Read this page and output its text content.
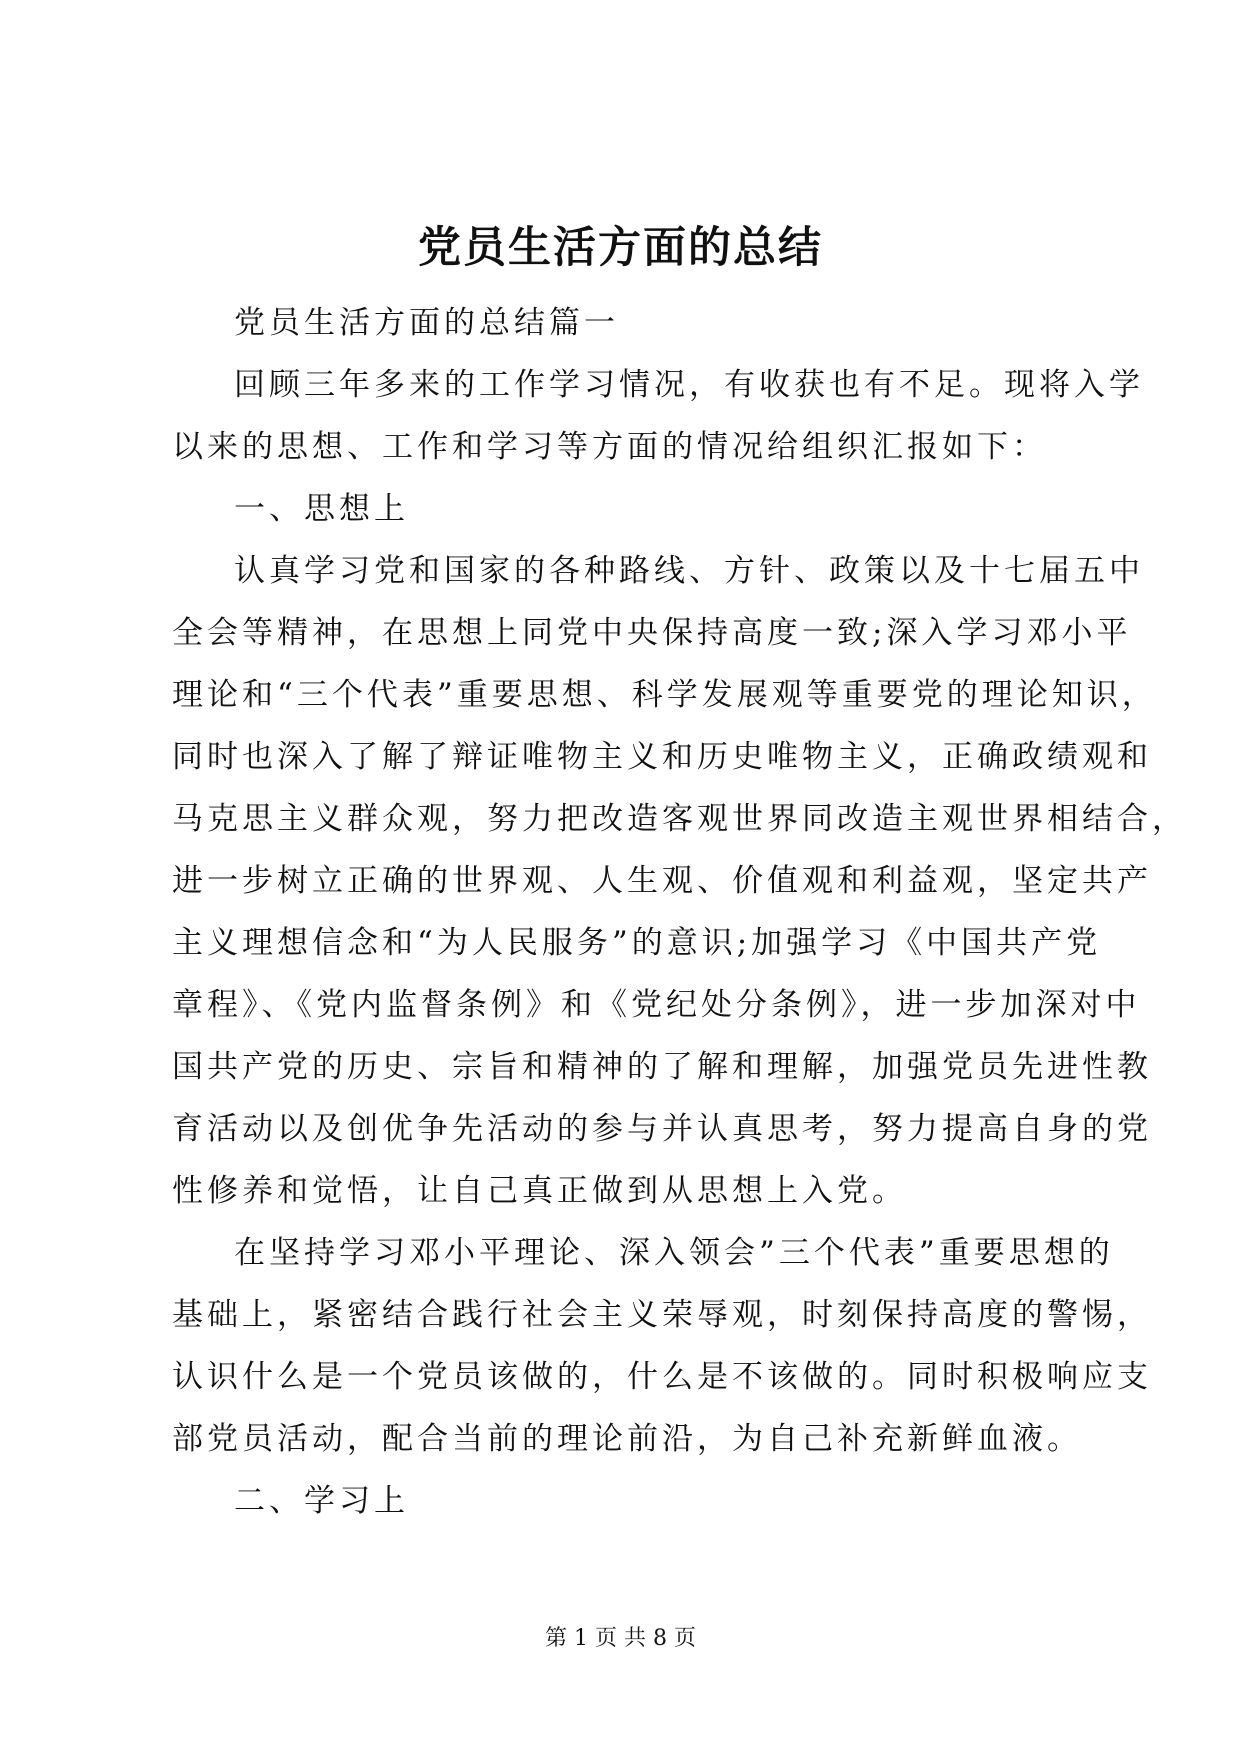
党员生活方面的总结

党员生活方面的总结篇一

回顾三年多来的工作学习情况，有收获也有不足。现将入学

以来的思想、工作和学习等方面的情况给组织汇报如下：

一、思想上

认真学习党和国家的各种路线、方针、政策以及十七届五中

全会等精神，在思想上同党中央保持高度一致;深入学习邓小平

理论和“三个代表”重要思想、科学发展观等重要党的理论知识，

同时也深入了解了辩证唯物主义和历史唯物主义，正确政绩观和

马克思主义群众观，努力把改造客观世界同改造主观世界相结合，

进一步树立正确的世界观、人生观、价值观和利益观，坚定共产

主义理想信念和“为人民服务”的意识;加强学习《中国共产党

章程》、《党内监督条例》和《党纪处分条例》，进一步加深对中

国共产党的历史、宗旨和精神的了解和理解，加强党员先进性教

育活动以及创优争先活动的参与并认真思考，努力提高自身的党

性修养和觉悟，让自己真正做到从思想上入党。

在坚持学习邓小平理论、深入领会”三个代表”重要思想的

基础上，紧密结合践行社会主义荣辱观，时刻保持高度的警惕，

认识什么是一个党员该做的，什么是不该做的。同时积极响应支

部党员活动，配合当前的理论前沿，为自己补充新鲜血液。

二、学习上

第 1 页 共 8 页
